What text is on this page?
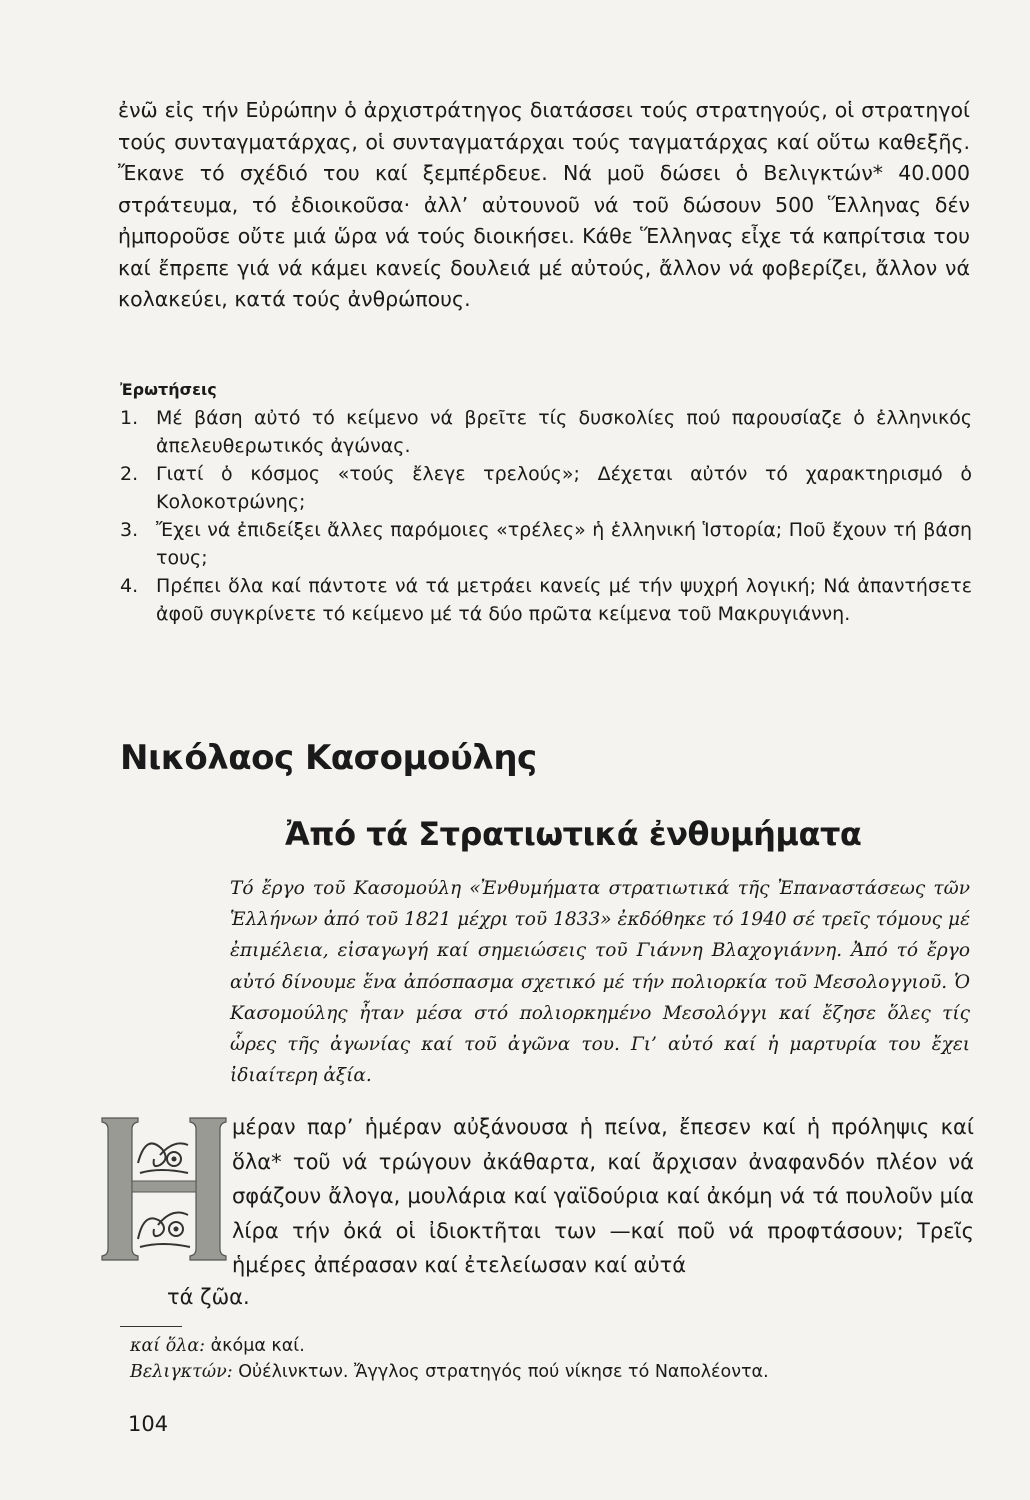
ἐνῶ εἰς τήν Εὐρώπην ὁ ἀρχιστράτηγος διατάσσει τούς στρατηγούς, οἱ στρατηγοί τούς συνταγματάρχας, οἱ συνταγματάρχαι τούς ταγματάρχας καί οὕτω καθεξῆς. Ἔκανε τό σχέδιό του καί ξεμπέρδευε. Νά μοῦ δώσει ὁ Βελιγκτών* 40.000 στράτευμα, τό ἐδιοικοῦσα· ἀλλ’ αὐτουνοῦ νά τοῦ δώσουν 500 Ἕλληνας δέν ἠμποροῦσε οὔτε μιά ὥρα νά τούς διοικήσει. Κάθε Ἕλληνας εἶχε τά καπρίτσια του καί ἔπρεπε γιά νά κάμει κανείς δουλειά μέ αὐτούς, ἄλλον νά φοβερίζει, ἄλλον νά κολακεύει, κατά τούς ἀνθρώπους.

Ἐρωτήσεις
1. Μέ βάση αὐτό τό κείμενο νά βρεῖτε τίς δυσκολίες πού παρουσίαζε ὁ ἑλληνικός ἀπελευθερωτικός ἀγώνας.
2. Γιατί ὁ κόσμος «τούς ἔλεγε τρελούς»; Δέχεται αὐτόν τό χαρακτηρισμό ὁ Κολοκοτρώνης;
3. Ἔχει νά ἐπιδείξει ἄλλες παρόμοιες «τρέλες» ἡ ἑλληνική Ἱστορία; Ποῦ ἔχουν τή βάση τους;
4. Πρέπει ὅλα καί πάντοτε νά τά μετράει κανείς μέ τήν ψυχρή λογική; Νά ἀπαντήσετε ἀφοῦ συγκρίνετε τό κείμενο μέ τά δύο πρῶτα κείμενα τοῦ Μακρυγιάννη.
Νικόλαος Κασομούλης
Ἀπό τά Στρατιωτικά ἐνθυμήματα

Τό ἔργο τοῦ Κασομούλη «Ἐνθυμήματα στρατιωτικά τῆς Ἐπαναστάσεως τῶν Ἑλλήνων ἀπό τοῦ 1821 μέχρι τοῦ 1833» ἐκδόθηκε τό 1940 σέ τρεῖς τόμους μέ ἐπιμέλεια, εἰσαγωγή καί σημειώσεις τοῦ Γιάννη Βλαχογιάννη. Ἀπό τό ἔργο αὐτό δίνουμε ἕνα ἀπόσπασμα σχετικό μέ τήν πολιορκία τοῦ Μεσολογγιοῦ. Ὁ Κασομούλης ἦταν μέσα στό πολιορκημένο Μεσολόγγι καί ἔζησε ὅλες τίς ὧρες τῆς ἀγωνίας καί τοῦ ἀγῶνα του. Γι’ αὐτό καί ἡ μαρτυρία του ἔχει ἰδιαίτερη ἀξία.

μέραν παρ’ ἡμέραν αὐξάνουσα ἡ πείνα, ἔπεσεν καί ἡ πρόληψις καί ὅλα* τοῦ νά τρώγουν ἀκάθαρτα, καί ἄρχισαν ἀναφανδόν πλέον νά σφάζουν ἄλογα, μουλάρια καί γαϊδούρια καί ἀκόμη νά τά πουλοῦν μία λίρα τήν ὀκά οἱ ἰδιοκτῆται των —καί ποῦ νά προφτάσουν; Τρεῖς ἡμέρες ἀπέρασαν καί ἐτελείωσαν καί αὐτά

τά ζῶα.

καί ὅλα: ἀκόμα καί.
Βελιγκτών: Οὐέλινκτων. Ἄγγλος στρατηγός πού νίκησε τό Ναπολέοντα.

104
